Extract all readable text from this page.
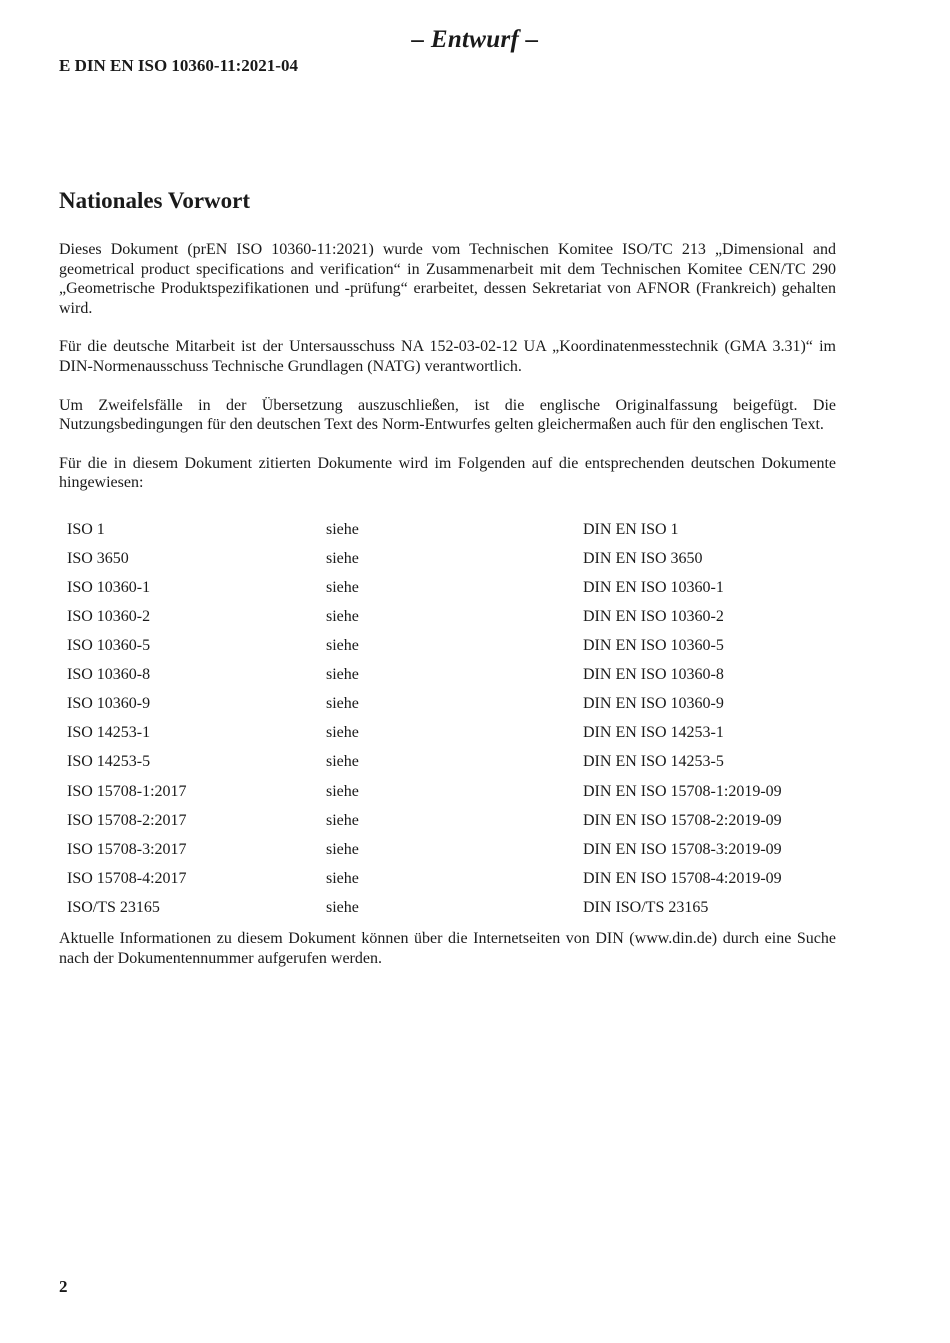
– Entwurf –
E DIN EN ISO 10360-11:2021-04
Nationales Vorwort

Dieses Dokument (prEN ISO 10360-11:2021) wurde vom Technischen Komitee ISO/TC 213 „Dimensional and geometrical product specifications and verification“ in Zusammenarbeit mit dem Technischen Komitee CEN/TC 290 „Geometrische Produktspezifikationen und -prüfung“ erarbeitet, dessen Sekretariat von AFNOR (Frankreich) gehalten wird.

Für die deutsche Mitarbeit ist der Untersausschuss NA 152-03-02-12 UA „Koordinatenmesstechnik (GMA 3.31)“ im DIN-Normenausschuss Technische Grundlagen (NATG) verantwortlich.

Um Zweifelsfälle in der Übersetzung auszuschließen, ist die englische Originalfassung beigefügt. Die Nutzungsbedingungen für den deutschen Text des Norm-Entwurfes gelten gleichermaßen auch für den englischen Text.

Für die in diesem Dokument zitierten Dokumente wird im Folgenden auf die entsprechenden deutschen Dokumente hingewiesen:

ISO 1	siehe	DIN EN ISO 1
ISO 3650	siehe	DIN EN ISO 3650
ISO 10360-1	siehe	DIN EN ISO 10360-1
ISO 10360-2	siehe	DIN EN ISO 10360-2
ISO 10360-5	siehe	DIN EN ISO 10360-5
ISO 10360-8	siehe	DIN EN ISO 10360-8
ISO 10360-9	siehe	DIN EN ISO 10360-9
ISO 14253-1	siehe	DIN EN ISO 14253-1
ISO 14253-5	siehe	DIN EN ISO 14253-5
ISO 15708-1:2017	siehe	DIN EN ISO 15708-1:2019-09
ISO 15708-2:2017	siehe	DIN EN ISO 15708-2:2019-09
ISO 15708-3:2017	siehe	DIN EN ISO 15708-3:2019-09
ISO 15708-4:2017	siehe	DIN EN ISO 15708-4:2019-09
ISO/TS 23165	siehe	DIN ISO/TS 23165

Aktuelle Informationen zu diesem Dokument können über die Internetseiten von DIN (www.din.de) durch eine Suche nach der Dokumentennummer aufgerufen werden.

2
